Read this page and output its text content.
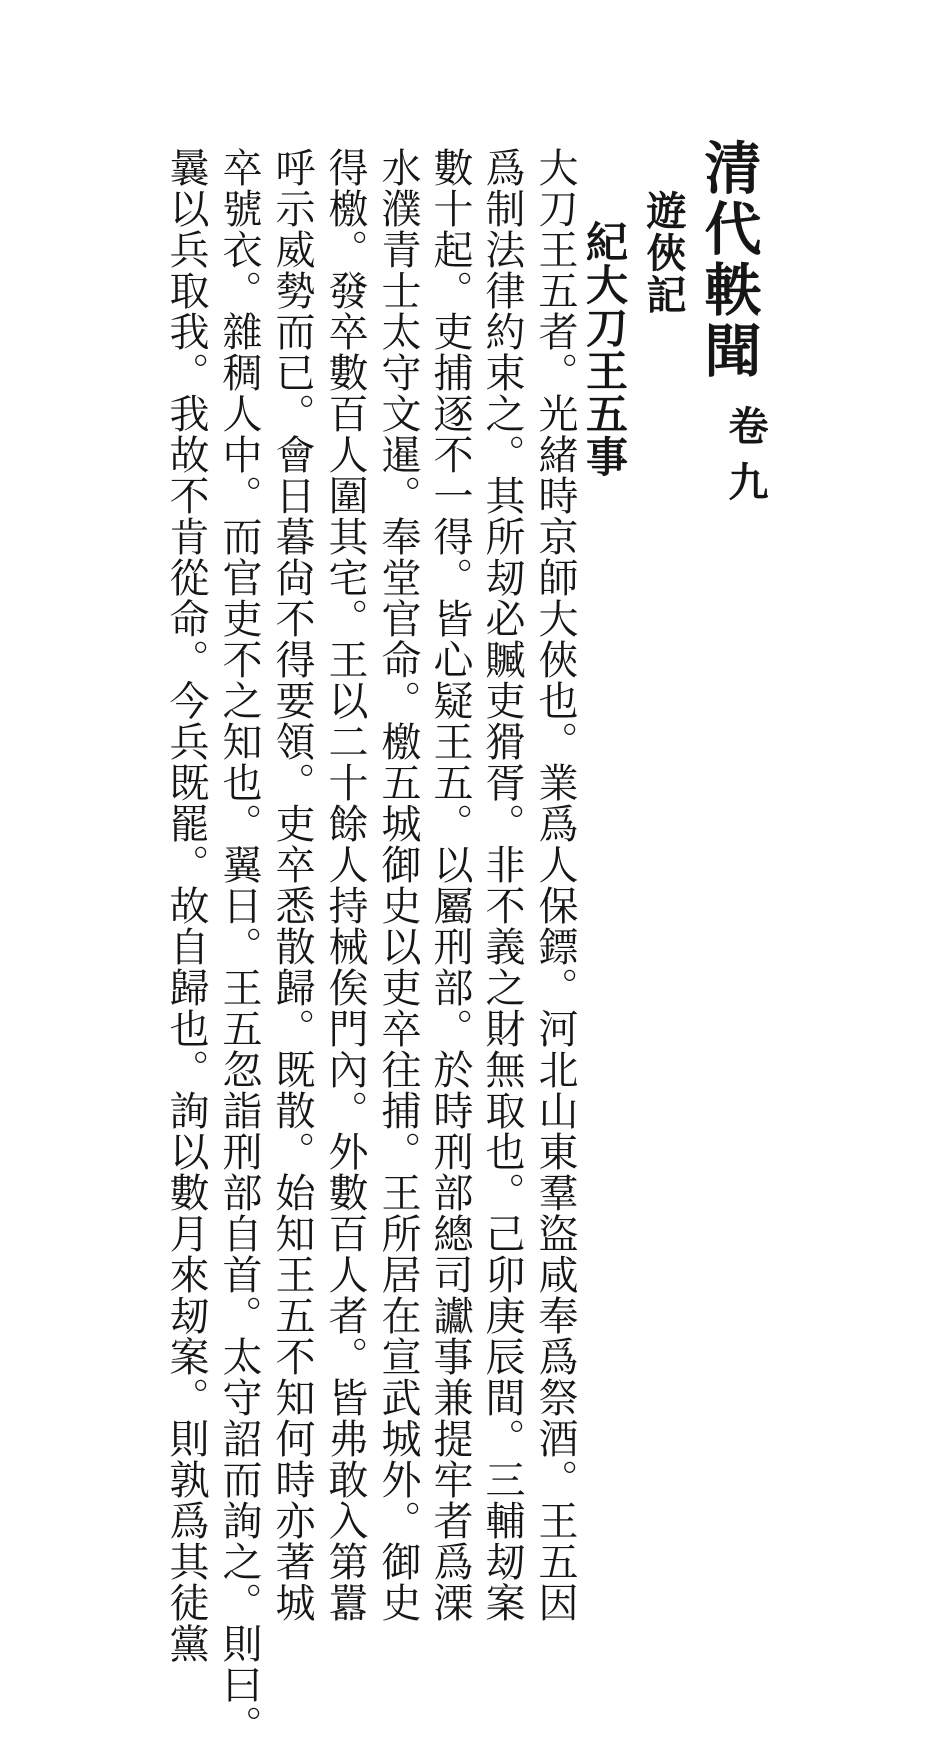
清代軼聞
卷九
遊俠記
紀大刀王五事
大刀王五者。光緒時京師大俠也。業爲人保鏢。河北山東羣盜咸奉爲祭酒。王五因
爲制法律約束之。其所刼必贓吏猾胥。非不義之財無取也。己卯庚辰間。三輔刼案
數十起。吏捕逐不一得。皆心疑王五。以屬刑部。於時刑部總司讞事兼提牢者爲溧
水濮青士太守文暹。奉堂官命。檄五城御史以吏卒往捕。王所居在宣武城外。御史
得檄。發卒數百人圍其宅。王以二十餘人持械俟門內。外數百人者。皆弗敢入第囂
呼示威勢而已。會日暮尙不得要領。吏卒悉散歸。既散。始知王五不知何時亦著城
卒號衣。雜稠人中。而官吏不之知也。翼日。王五忽詣刑部自首。太守詔而詢之。則曰。
曩以兵取我。我故不肯從命。今兵既罷。故自歸也。詢以數月來刼案。則孰爲其徒黨
